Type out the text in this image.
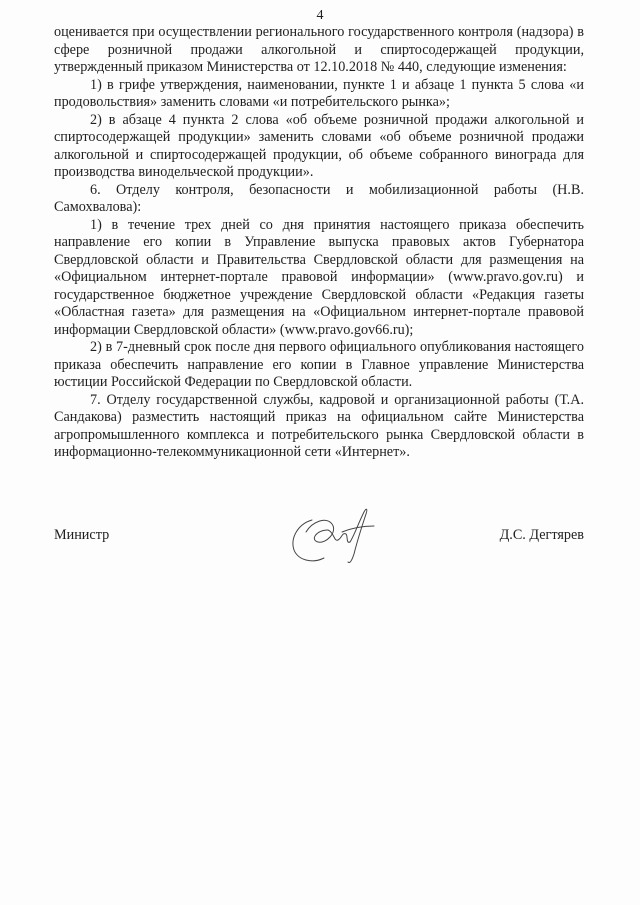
4

оценивается при осуществлении регионального государственного контроля (надзора) в сфере розничной продажи алкогольной и спиртосодержащей продукции, утвержденный приказом Министерства от 12.10.2018 № 440, следующие изменения:

1) в грифе утверждения, наименовании, пункте 1 и абзаце 1 пункта 5 слова «и продовольствия» заменить словами «и потребительского рынка»;

2) в абзаце 4 пункта 2 слова «об объеме розничной продажи алкогольной и спиртосодержащей продукции» заменить словами «об объеме розничной продажи алкогольной и спиртосодержащей продукции, об объеме собранного винограда для производства винодельческой продукции».

6. Отделу контроля, безопасности и мобилизационной работы (Н.В. Самохвалова):

1) в течение трех дней со дня принятия настоящего приказа обеспечить направление его копии в Управление выпуска правовых актов Губернатора Свердловской области и Правительства Свердловской области для размещения на «Официальном интернет-портале правовой информации» (www.pravo.gov.ru) и государственное бюджетное учреждение Свердловской области «Редакция газеты «Областная газета» для размещения на «Официальном интернет-портале правовой информации Свердловской области» (www.pravo.gov66.ru);

2) в 7-дневный срок после дня первого официального опубликования настоящего приказа обеспечить направление его копии в Главное управление Министерства юстиции Российской Федерации по Свердловской области.

7. Отделу государственной службы, кадровой и организационной работы (Т.А. Сандакова) разместить настоящий приказ на официальном сайте Министерства агропромышленного комплекса и потребительского рынка Свердловской области в информационно-телекоммуникационной сети «Интернет».

Министр	Д.С. Дегтярев
